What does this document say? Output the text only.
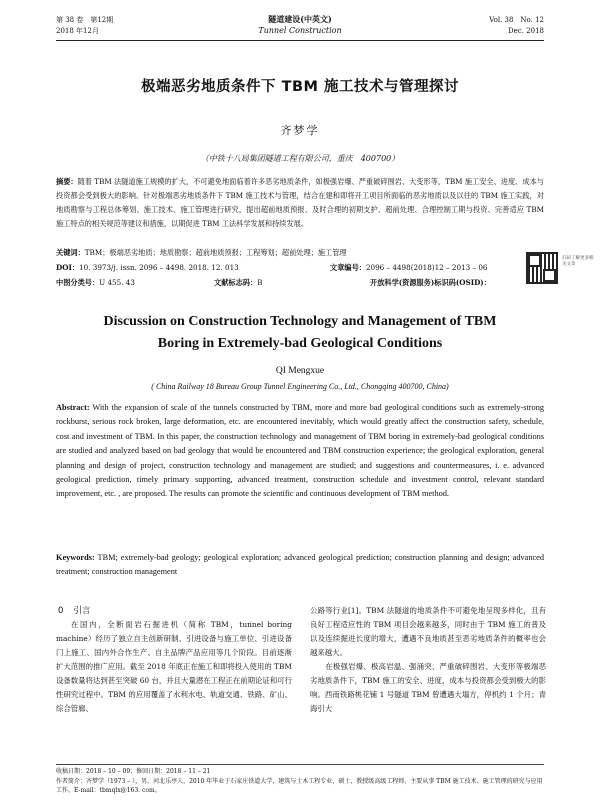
第 38 卷　第12期
2018 年12月
隧道建设(中英文)
Tunnel Construction
Vol. 38　No. 12
Dec. 2018
极端恶劣地质条件下 TBM 施工技术与管理探讨
齐梦学
（中铁十八局集团隧道工程有限公司，重庆　400700）
摘要：随着 TBM 法隧道施工规模的扩大，不可避免地面临着许多恶劣地质条件，如极强岩爆、严重破碎围岩、大变形等，TBM 施工安全、进度、成本与投资都会受到极大的影响。针对极端恶劣地质条件下 TBM 施工技术与管理，结合在建和即将开工项目所面临的恶劣地质以及以往的 TBM 施工实践，对地质勘察与工程总体筹划、施工技术、施工管理进行研究，提出超前地质预报、及时合理的初期支护、超前处理、合理控制工期与投资、完善适应 TBM 施工特点的相关规范等建议和措施，以期促进 TBM 工法科学发展和持续发展。
关键词：TBM；极端恶劣地质；地质勘察；超前地质预报；工程筹划；超前处理；施工管理
DOI：10. 3973/j. issn. 2096 – 4498. 2018. 12. 013	文章编号：2096 – 4498(2018)12 – 2013 – 06
中图分类号：U 455. 43	文献标志码：B	开放科学(资源服务)标识码(OSID)：
扫码了解更多相关文章
Discussion on Construction Technology and Management of TBM
Boring in Extremely-bad Geological Conditions
QI Mengxue
( China Railway 18 Bureau Group Tunnel Engineering Co., Ltd., Chongqing 400700, China)
Abstract: With the expansion of scale of the tunnels constructed by TBM, more and more bad geological conditions such as extremely-strong rockburst, serious rock broken, large deformation, etc. are encountered inevitably, which would greatly affect the construction safety, schedule, cost and investment of TBM. In this paper, the construction technology and management of TBM boring in extremely-bad geological conditions are studied and analyzed based on bad geology that would be encountered and TBM construction experience; the geological exploration, general planning and design of project, construction technology and management are studied; and suggestions and countermeasures, i. e. advanced geological prediction, timely primary supporting, advanced treatment, construction schedule and investment control, relevant standard improvement, etc. , are proposed. The results can promote the scientific and continuous development of TBM method.
Keywords: TBM; extremely-bad geology; geological exploration; advanced geological prediction; construction planning and design; advanced treatment; construction management
0 引言
在国内，全断面岩石掘进机（简称 TBM，tunnel boring machine）经历了独立自主创新研制、引进设备与施工单位、引进设备门上施工、国内外合作生产、自主品牌产品应用等几个阶段。目前逐渐扩大范围的推广应用。截至 2018 年底正在施工和即将投入使用的 TBM 设备数量将达到甚至突破 60 台，并且大量潜在工程正在前期论证和可行性研究过程中。TBM 的应用覆盖了水利水电、轨道交通、铁路、矿山、综合管廊、
公路等行业[1]。TBM 法隧道的地质条件不可避免地呈现多样化，且有良好工程适应性的 TBM 项目会越来越多，同时由于 TBM 施工的普及以及连续掘进长度的增大，遭遇不良地质甚至恶劣地质条件的概率也会越来越大。
　　在极强岩爆、极高岩温、强涌突、严重破碎围岩、大变形等极端恶劣地质条件下，TBM 施工的安全、进度、成本与投资都会受到极大的影响。西南铁路桃花铺 1 号隧道 TBM 曾遭遇大塌方，停机约 1 个月；青海引大
收稿日期：2018 – 10 – 09；修回日期：2018 – 11 – 21
作者简介：齐梦学（1973 – ），男，河北乐亭人，2010 年毕业于石家庄铁道大学，建筑与土木工程专业，硕士，教授级高级工程师，主要从事 TBM 施工技术、施工管理的研究与应用工作。E-mail：tbmqlx@163. com。
